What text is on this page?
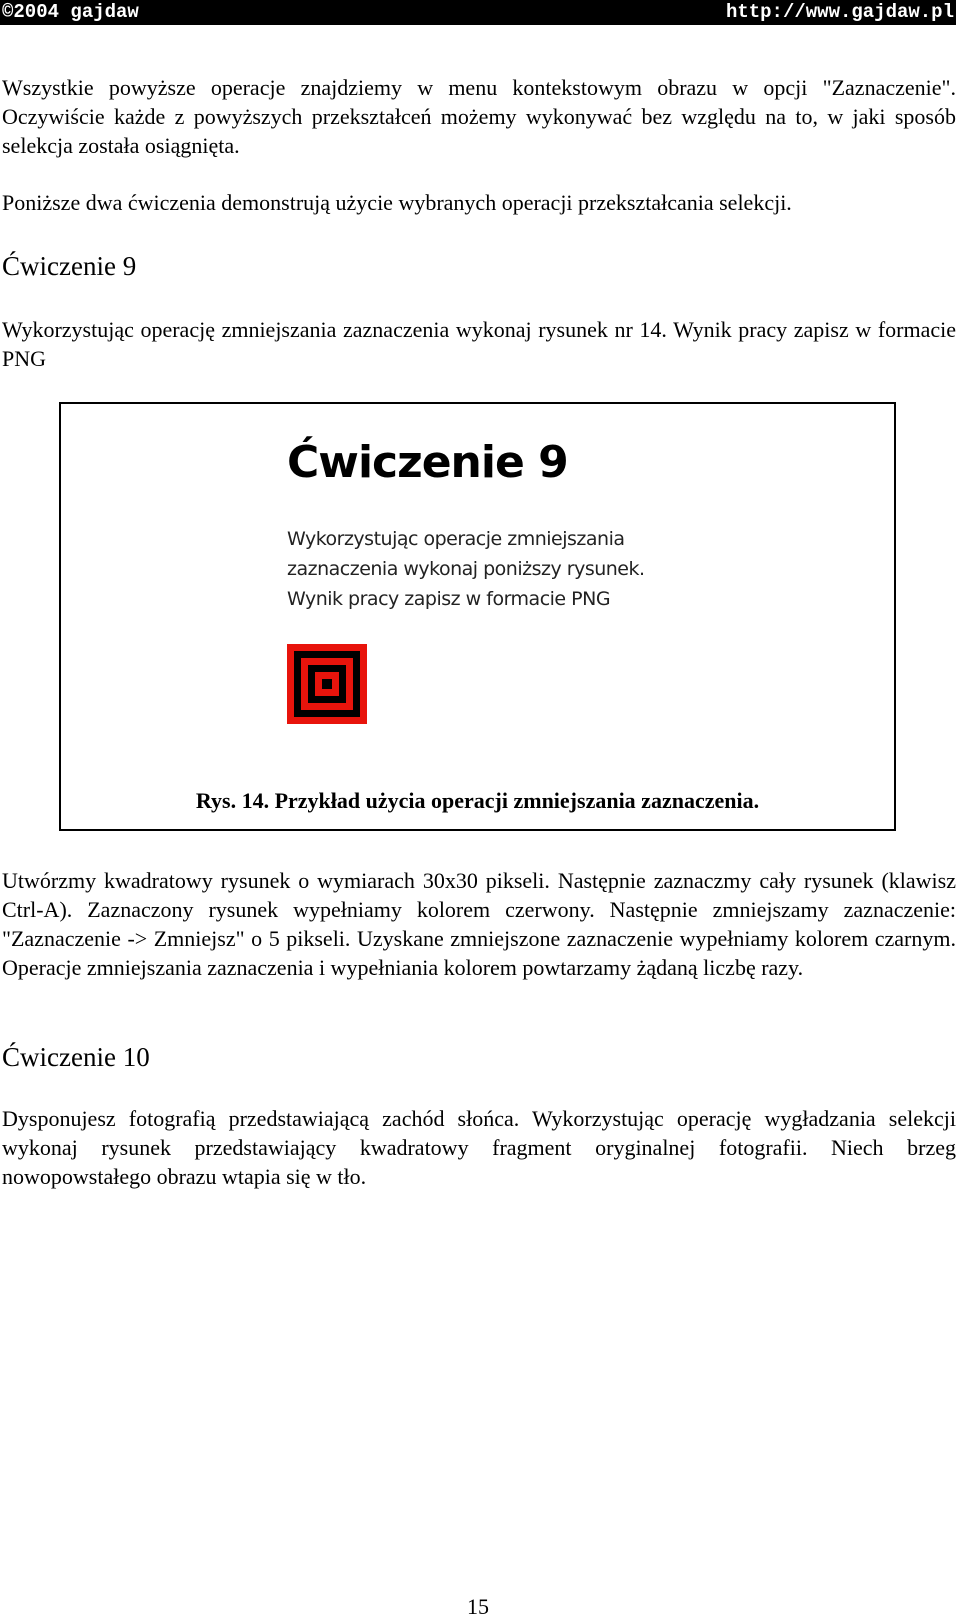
©2004 gajdaw	http://www.gajdaw.pl

Wszystkie powyższe operacje znajdziemy w menu kontekstowym obrazu w opcji "Zaznaczenie". Oczywiście każde z powyższych przekształceń możemy wykonywać bez względu na to, w jaki sposób selekcja została osiągnięta.

Poniższe dwa ćwiczenia demonstrują użycie wybranych operacji przekształcania selekcji.

Ćwiczenie 9

Wykorzystując operację zmniejszania zaznaczenia wykonaj rysunek nr 14. Wynik pracy zapisz w formacie PNG

Ćwiczenie 9
Wykorzystując operacje zmniejszania
zaznaczenia wykonaj poniższy rysunek.
Wynik pracy zapisz w formacie PNG
Rys. 14. Przykład użycia operacji zmniejszania zaznaczenia.

Utwórzmy kwadratowy rysunek o wymiarach 30x30 pikseli. Następnie zaznaczmy cały rysunek (klawisz Ctrl-A). Zaznaczony rysunek wypełniamy kolorem czerwony. Następnie zmniejszamy zaznaczenie: "Zaznaczenie -> Zmniejsz" o 5 pikseli. Uzyskane zmniejszone zaznaczenie wypełniamy kolorem czarnym. Operacje zmniejszania zaznaczenia i wypełniania kolorem powtarzamy żądaną liczbę razy.

Ćwiczenie 10

Dysponujesz fotografią przedstawiającą zachód słońca. Wykorzystując operację wygładzania selekcji wykonaj rysunek przedstawiający kwadratowy fragment oryginalnej fotografii. Niech brzeg nowopowstałego obrazu wtapia się w tło.

15
